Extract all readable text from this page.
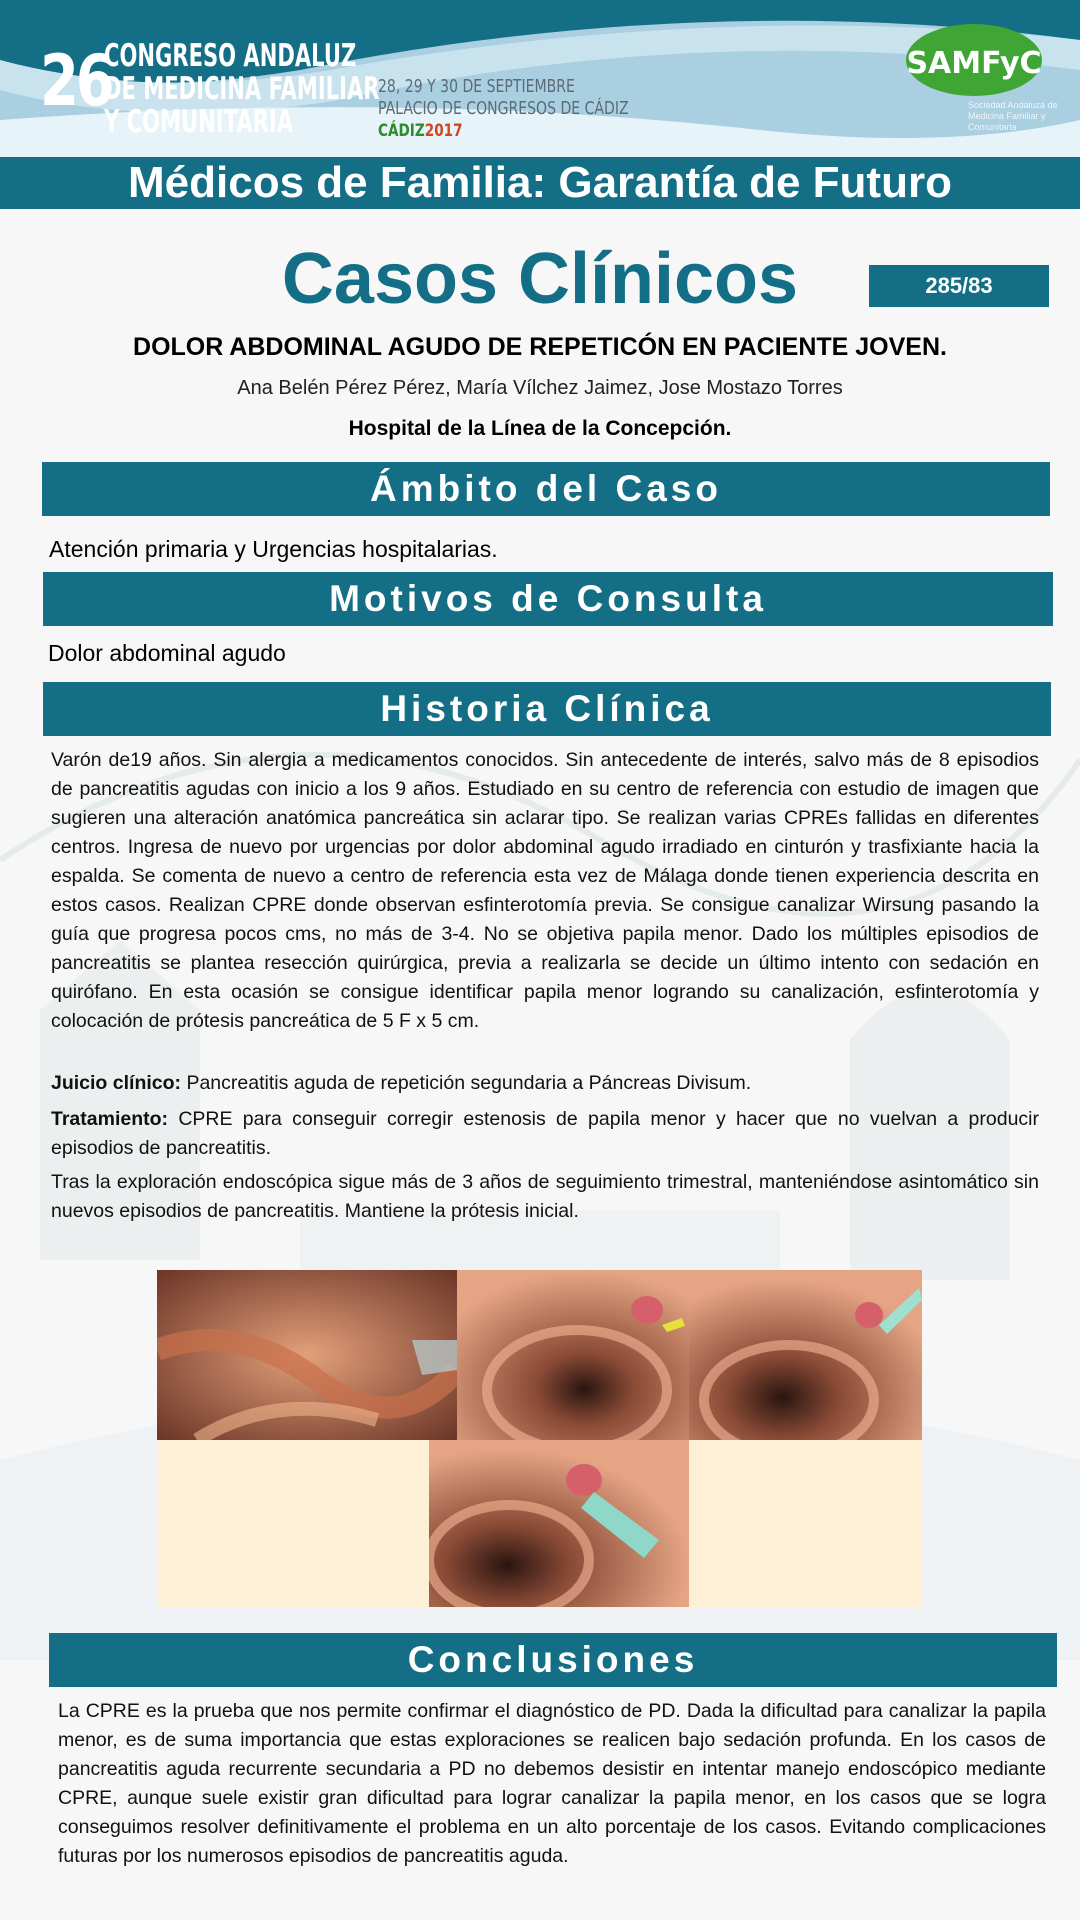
26
CONGRESO ANDALUZ
DE MEDICINA FAMILIAR
Y COMUNITARIA
28, 29 Y 30 DE SEPTIEMBRE
PALACIO DE CONGRESOS DE CÁDIZ
CÁDIZ2017
SAMFyC
Sociedad Andaluza de Medicina Familiar y Comunitaria
Médicos de Familia: Garantía de Futuro
Casos Clínicos	285/83
DOLOR ABDOMINAL AGUDO DE REPETICÓN EN PACIENTE JOVEN.
Ana Belén Pérez Pérez, María Vílchez Jaimez, Jose Mostazo Torres
Hospital de la Línea de la Concepción.
Ámbito del Caso
Atención primaria y Urgencias hospitalarias.
Motivos de Consulta
Dolor abdominal agudo
Historia Clínica

Varón de19 años. Sin alergia a medicamentos conocidos. Sin antecedente de interés, salvo más de 8 episodios de pancreatitis agudas con inicio a los 9 años. Estudiado en su centro de referencia con estudio de imagen que sugieren una alteración anatómica pancreática sin aclarar tipo. Se realizan varias CPREs fallidas en diferentes centros. Ingresa de nuevo por urgencias por dolor abdominal agudo irradiado en cinturón y trasfixiante hacia la espalda. Se comenta de nuevo a centro de referencia esta vez de Málaga donde tienen experiencia descrita en estos casos. Realizan CPRE donde observan esfinterotomía previa. Se consigue canalizar Wirsung pasando la guía que progresa pocos cms, no más de 3-4. No se objetiva papila menor. Dado los múltiples episodios de pancreatitis se plantea resección quirúrgica, previa a realizarla se decide un último intento con sedación en quirófano. En esta ocasión se consigue identificar papila menor logrando su canalización, esfinterotomía y colocación de prótesis pancreática de 5 F x 5 cm.

Juicio clínico: Pancreatitis aguda de repetición segundaria a Páncreas Divisum.

Tratamiento: CPRE para conseguir corregir estenosis de papila menor y hacer que no vuelvan a producir episodios de pancreatitis.

Tras la exploración endoscópica sigue más de 3 años de seguimiento trimestral, manteniéndose asintomático sin nuevos episodios de pancreatitis. Mantiene la prótesis inicial.

Conclusiones

La CPRE es la prueba que nos permite confirmar el diagnóstico de PD. Dada la dificultad para canalizar la papila menor, es de suma importancia que estas exploraciones se realicen bajo sedación profunda. En los casos de pancreatitis aguda recurrente secundaria a PD no debemos desistir en intentar manejo endoscópico mediante CPRE, aunque suele existir gran dificultad para lograr canalizar la papila menor, en los casos que se logra conseguimos resolver definitivamente el problema en un alto porcentaje de los casos. Evitando complicaciones futuras por los numerosos episodios de pancreatitis aguda.
